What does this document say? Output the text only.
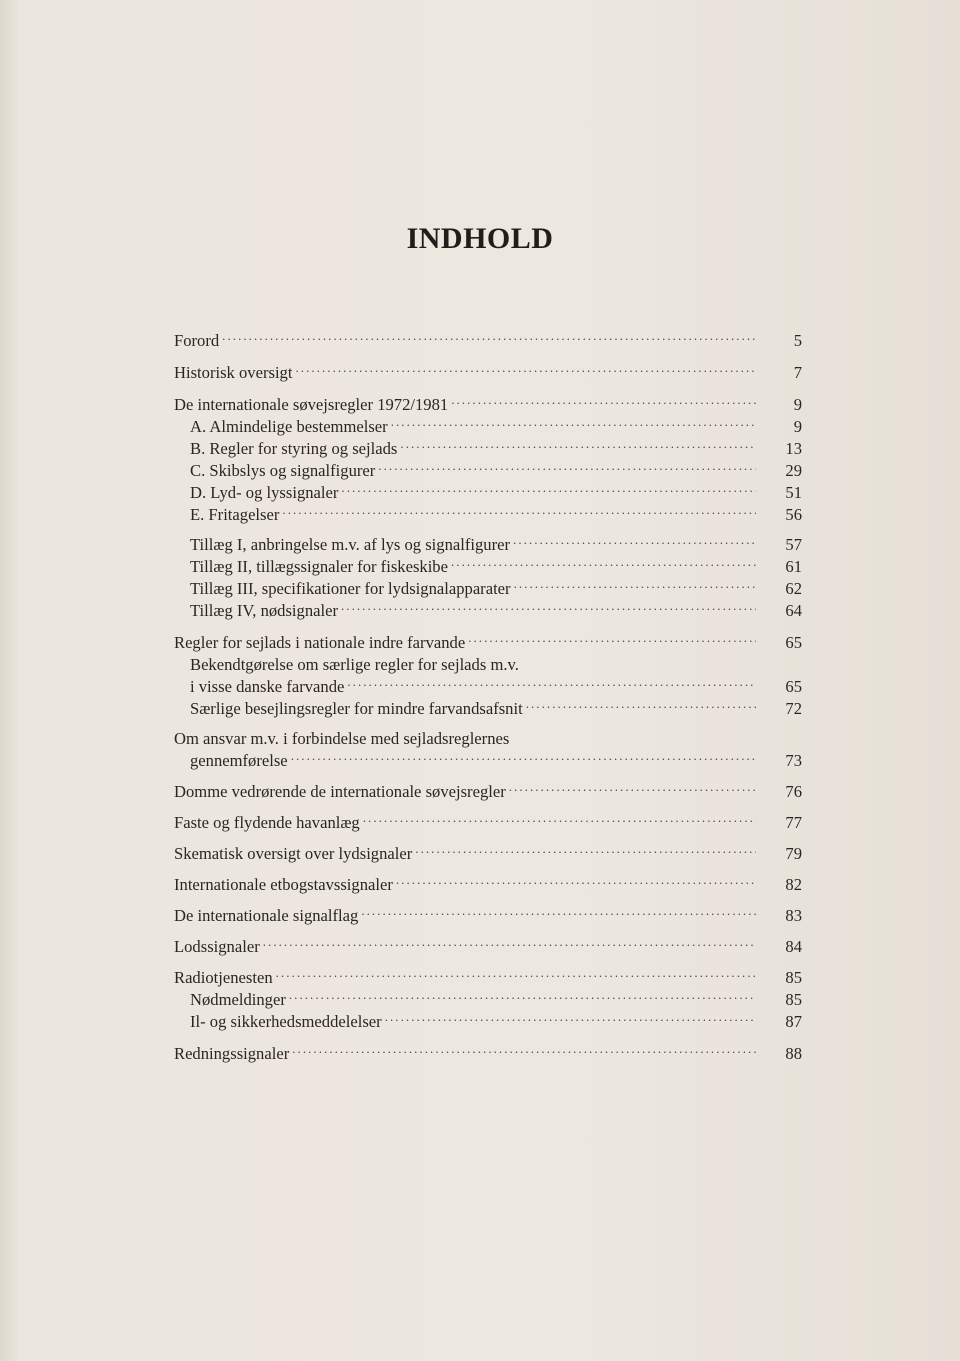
INDHOLD
Forord . . .	5
Historisk oversigt . . .	7
De internationale søvejsregler 1972/1981 . . .	9
A. Almindelige bestemmelser . . .	9
B. Regler for styring og sejlads . . .	13
C. Skibslys og signalfigurer . . .	29
D. Lyd- og lyssignaler . . .	51
E. Fritagelser . . .	56
Tillæg I, anbringelse m.v. af lys og signalfigurer . . .	57
Tillæg II, tillægssignaler for fiskeskibe . . .	61
Tillæg III, specifikationer for lydsignalapparater . . .	62
Tillæg IV, nødsignaler . . .	64
Regler for sejlads i nationale indre farvande . . .	65
Bekendtgørelse om særlige regler for sejlads m.v.
i visse danske farvande . . .	65
Særlige besejlingsregler for mindre farvandsafsnit . . .	72
Om ansvar m.v. i forbindelse med sejladsreglernes
gennemførelse . . .	73
Domme vedrørende de internationale søvejsregler . . .	76
Faste og flydende havanlæg . . .	77
Skematisk oversigt over lydsignaler . . .	79
Internationale etbogstavssignaler . . .	82
De internationale signalflag . . .	83
Lodssignaler . . .	84
Radiotjenesten . . .	85
Nødmeldinger . . .	85
Il- og sikkerhedsmeddelelser . . .	87
Redningssignaler . . .	88
